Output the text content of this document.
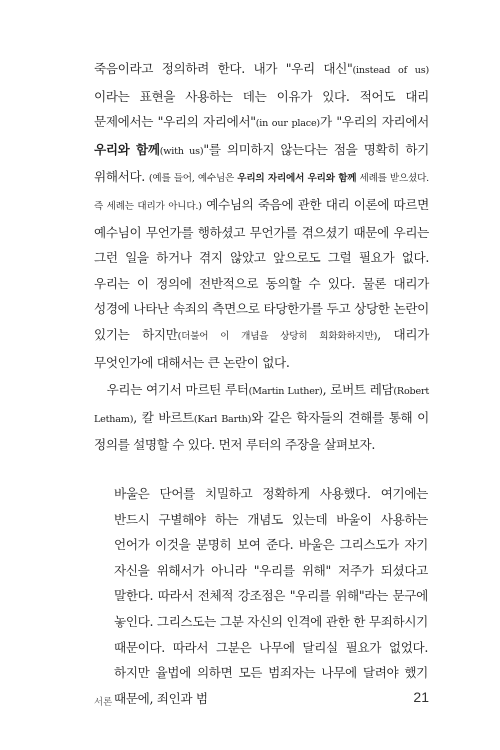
죽음이라고 정의하려 한다. 내가 "우리 대신"(instead of us)이라는 표현을 사용하는 데는 이유가 있다. 적어도 대리 문제에서는 "우리의 자리에서"(in our place)가 "우리의 자리에서 우리와 함께(with us)"를 의미하지 않는다는 점을 명확히 하기 위해서다. (예를 들어, 예수님은 우리의 자리에서 우리와 함께 세례를 받으셨다. 즉 세례는 대리가 아니다.) 예수님의 죽음에 관한 대리 이론에 따르면 예수님이 무언가를 행하셨고 무언가를 겪으셨기 때문에 우리는 그런 일을 하거나 겪지 않았고 앞으로도 그럴 필요가 없다. 우리는 이 정의에 전반적으로 동의할 수 있다. 물론 대리가 성경에 나타난 속죄의 측면으로 타당한가를 두고 상당한 논란이 있기는 하지만(더불어 이 개념을 상당히 희화화하지만), 대리가 무엇인가에 대해서는 큰 논란이 없다.

우리는 여기서 마르틴 루터(Martin Luther), 로버트 레담(Robert Letham), 칼 바르트(Karl Barth)와 같은 학자들의 견해를 통해 이 정의를 설명할 수 있다. 먼저 루터의 주장을 살펴보자.

바울은 단어를 치밀하고 정확하게 사용했다. 여기에는 반드시 구별해야 하는 개념도 있는데 바울이 사용하는 언어가 이것을 분명히 보여 준다. 바울은 그리스도가 자기 자신을 위해서가 아니라 "우리를 위해" 저주가 되셨다고 말한다. 따라서 전체적 강조점은 "우리를 위해"라는 문구에 놓인다. 그리스도는 그분 자신의 인격에 관한 한 무죄하시기 때문이다. 따라서 그분은 나무에 달리실 필요가 없었다. 하지만 율법에 의하면 모든 범죄자는 나무에 달려야 했기 때문에, 죄인과 범

서론	21
